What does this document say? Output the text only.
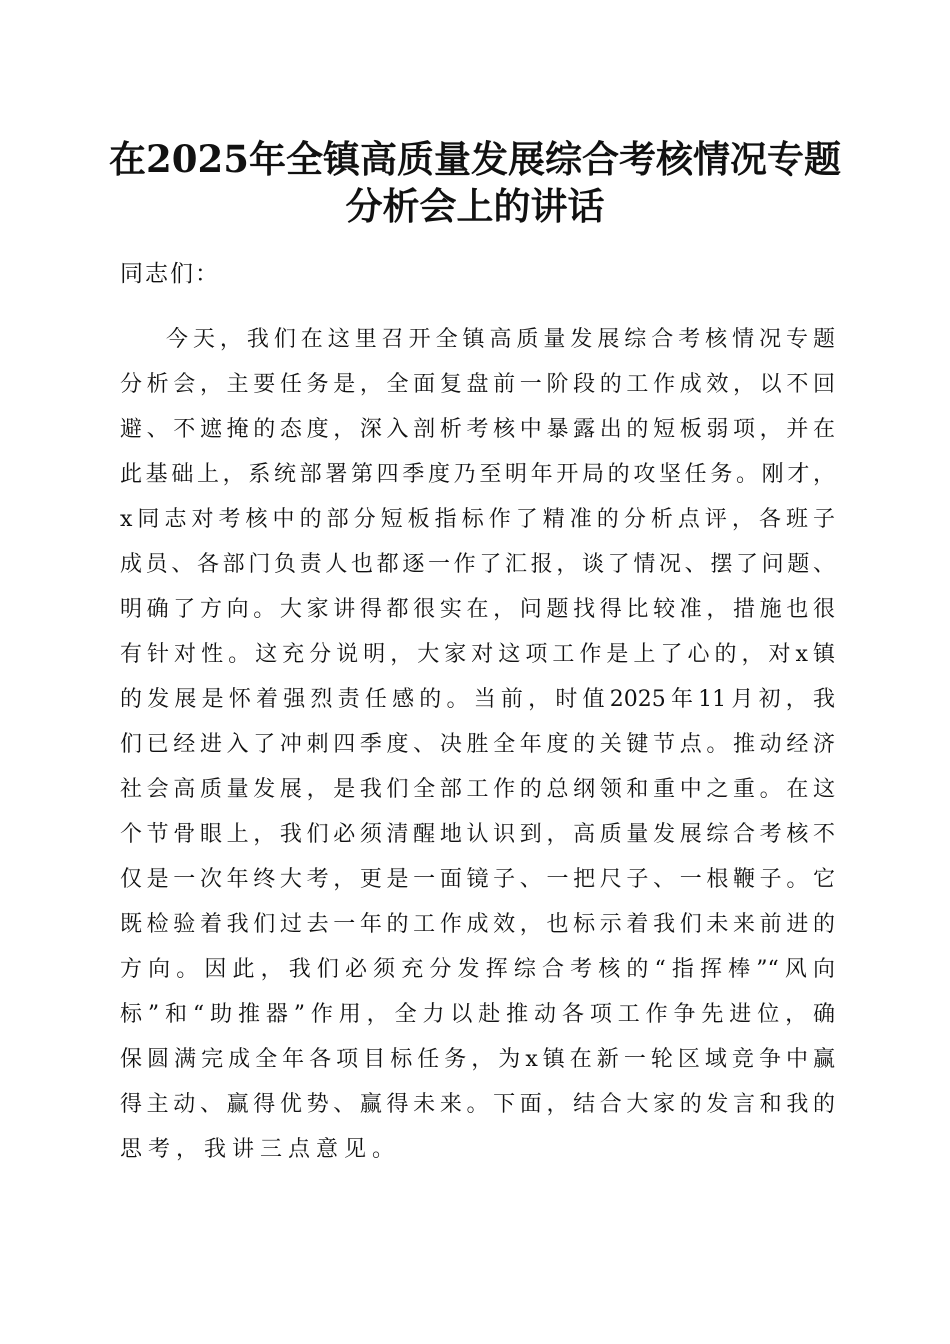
在2025年全镇高质量发展综合考核情况专题
分析会上的讲话

同志们：

今天，我们在这里召开全镇高质量发展综合考核情况专题
分析会，主要任务是，全面复盘前一阶段的工作成效，以不回
避、不遮掩的态度，深入剖析考核中暴露出的短板弱项，并在
此基础上，系统部署第四季度乃至明年开局的攻坚任务。刚才，
x同志对考核中的部分短板指标作了精准的分析点评，各班子
成员、各部门负责人也都逐一作了汇报，谈了情况、摆了问题、
明确了方向。大家讲得都很实在，问题找得比较准，措施也很
有针对性。这充分说明，大家对这项工作是上了心的，对x镇
的发展是怀着强烈责任感的。当前，时值2025年11月初，我
们已经进入了冲刺四季度、决胜全年度的关键节点。推动经济
社会高质量发展，是我们全部工作的总纲领和重中之重。在这
个节骨眼上，我们必须清醒地认识到，高质量发展综合考核不
仅是一次年终大考，更是一面镜子、一把尺子、一根鞭子。它
既检验着我们过去一年的工作成效，也标示着我们未来前进的
方向。因此，我们必须充分发挥综合考核的“指挥棒”“风向
标”和“助推器”作用，全力以赴推动各项工作争先进位，确
保圆满完成全年各项目标任务，为x镇在新一轮区域竞争中赢
得主动、赢得优势、赢得未来。下面，结合大家的发言和我的
思考，我讲三点意见。
